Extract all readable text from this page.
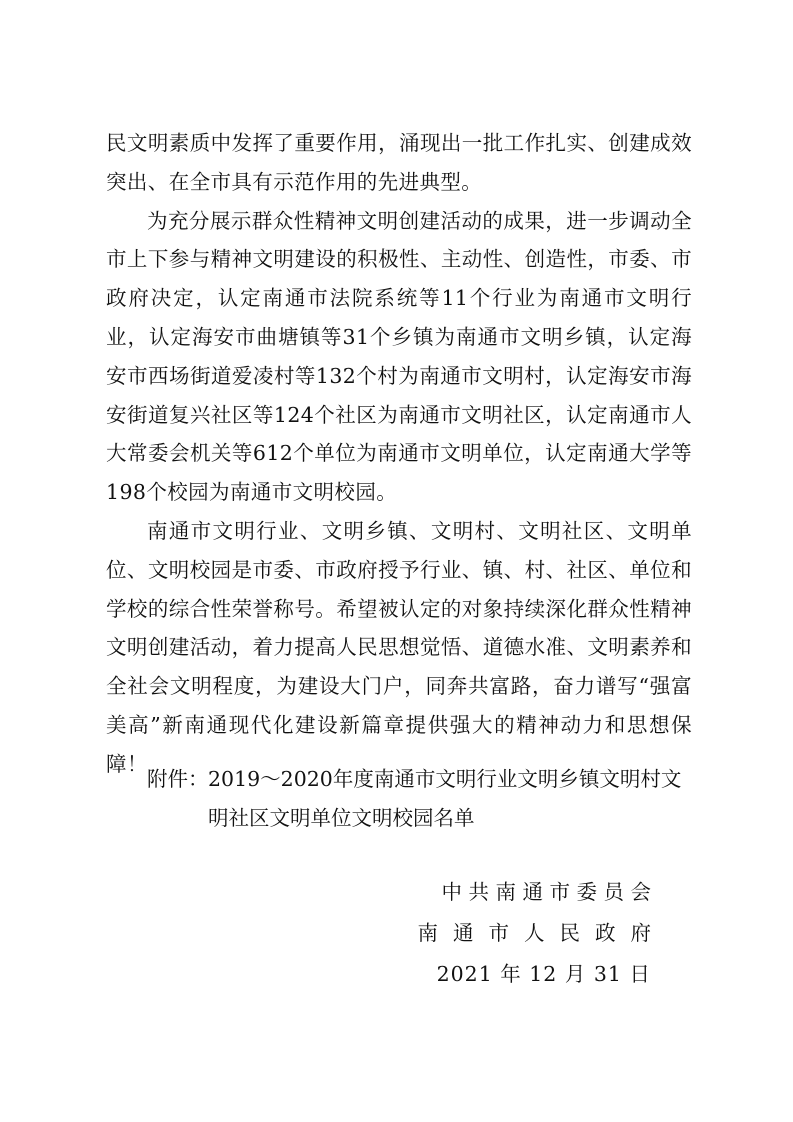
民文明素质中发挥了重要作用，涌现出一批工作扎实、创建成效突出、在全市具有示范作用的先进典型。

为充分展示群众性精神文明创建活动的成果，进一步调动全市上下参与精神文明建设的积极性、主动性、创造性，市委、市政府决定，认定南通市法院系统等11个行业为南通市文明行业，认定海安市曲塘镇等31个乡镇为南通市文明乡镇，认定海安市西场街道爱凌村等132个村为南通市文明村，认定海安市海安街道复兴社区等124个社区为南通市文明社区，认定南通市人大常委会机关等612个单位为南通市文明单位，认定南通大学等198个校园为南通市文明校园。

南通市文明行业、文明乡镇、文明村、文明社区、文明单位、文明校园是市委、市政府授予行业、镇、村、社区、单位和学校的综合性荣誉称号。希望被认定的对象持续深化群众性精神文明创建活动，着力提高人民思想觉悟、道德水准、文明素养和全社会文明程度，为建设大门户，同奔共富路，奋力谱写“强富美高”新南通现代化建设新篇章提供强大的精神动力和思想保障！

附件： 2019～2020年度南通市文明行业文明乡镇文明村文
明社区文明单位文明校园名单
中共南通市委员会
南通市人民政府
2021 年 12 月 31 日
